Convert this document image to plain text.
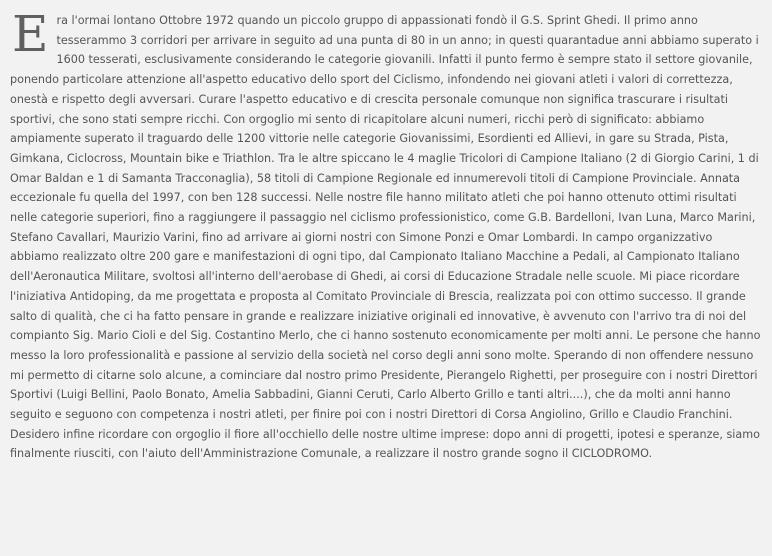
Era l'ormai lontano Ottobre 1972 quando un piccolo gruppo di appassionati fondò il G.S. Sprint Ghedi. Il primo anno tesserammo 3 corridori per arrivare in seguito ad una punta di 80 in un anno; in questi quarantadue anni abbiamo superato i 1600 tesserati, esclusivamente considerando le categorie giovanili. Infatti il punto fermo è sempre stato il settore giovanile, ponendo particolare attenzione all'aspetto educativo dello sport del Ciclismo, infondendo nei giovani atleti i valori di correttezza, onestà e rispetto degli avversari. Curare l'aspetto educativo e di crescita personale comunque non significa trascurare i risultati sportivi, che sono stati sempre ricchi. Con orgoglio mi sento di ricapitolare alcuni numeri, ricchi però di significato: abbiamo ampiamente superato il traguardo delle 1200 vittorie nelle categorie Giovanissimi, Esordienti ed Allievi, in gare su Strada, Pista, Gimkana, Ciclocross, Mountain bike e Triathlon. Tra le altre spiccano le 4 maglie Tricolori di Campione Italiano (2 di Giorgio Carini, 1 di Omar Baldan e 1 di Samanta Tracconaglia), 58 titoli di Campione Regionale ed innumerevoli titoli di Campione Provinciale. Annata eccezionale fu quella del 1997, con ben 128 successi. Nelle nostre file hanno militato atleti che poi hanno ottenuto ottimi risultati nelle categorie superiori, fino a raggiungere il passaggio nel ciclismo professionistico, come G.B. Bardelloni, Ivan Luna, Marco Marini, Stefano Cavallari, Maurizio Varini, fino ad arrivare ai giorni nostri con Simone Ponzi e Omar Lombardi. In campo organizzativo abbiamo realizzato oltre 200 gare e manifestazioni di ogni tipo, dal Campionato Italiano Macchine a Pedali, al Campionato Italiano dell'Aeronautica Militare, svoltosi all'interno dell'aerobase di Ghedi, ai corsi di Educazione Stradale nelle scuole. Mi piace ricordare l'iniziativa Antidoping, da me progettata e proposta al Comitato Provinciale di Brescia, realizzata poi con ottimo successo. Il grande salto di qualità, che ci ha fatto pensare in grande e realizzare iniziative originali ed innovative, è avvenuto con l'arrivo tra di noi del compianto Sig. Mario Cioli e del Sig. Costantino Merlo, che ci hanno sostenuto economicamente per molti anni. Le persone che hanno messo la loro professionalità e passione al servizio della società nel corso degli anni sono molte. Sperando di non offendere nessuno mi permetto di citarne solo alcune, a cominciare dal nostro primo Presidente, Pierangelo Righetti, per proseguire con i nostri Direttori Sportivi (Luigi Bellini, Paolo Bonato, Amelia Sabbadini, Gianni Ceruti, Carlo Alberto Grillo e tanti altri....), che da molti anni hanno seguito e seguono con competenza i nostri atleti, per finire poi con i nostri Direttori di Corsa Angiolino, Grillo e Claudio Franchini. Desidero infine ricordare con orgoglio il fiore all'occhiello delle nostre ultime imprese: dopo anni di progetti, ipotesi e speranze, siamo finalmente riusciti, con l'aiuto dell'Amministrazione Comunale, a realizzare il nostro grande sogno il CICLODROMO.
